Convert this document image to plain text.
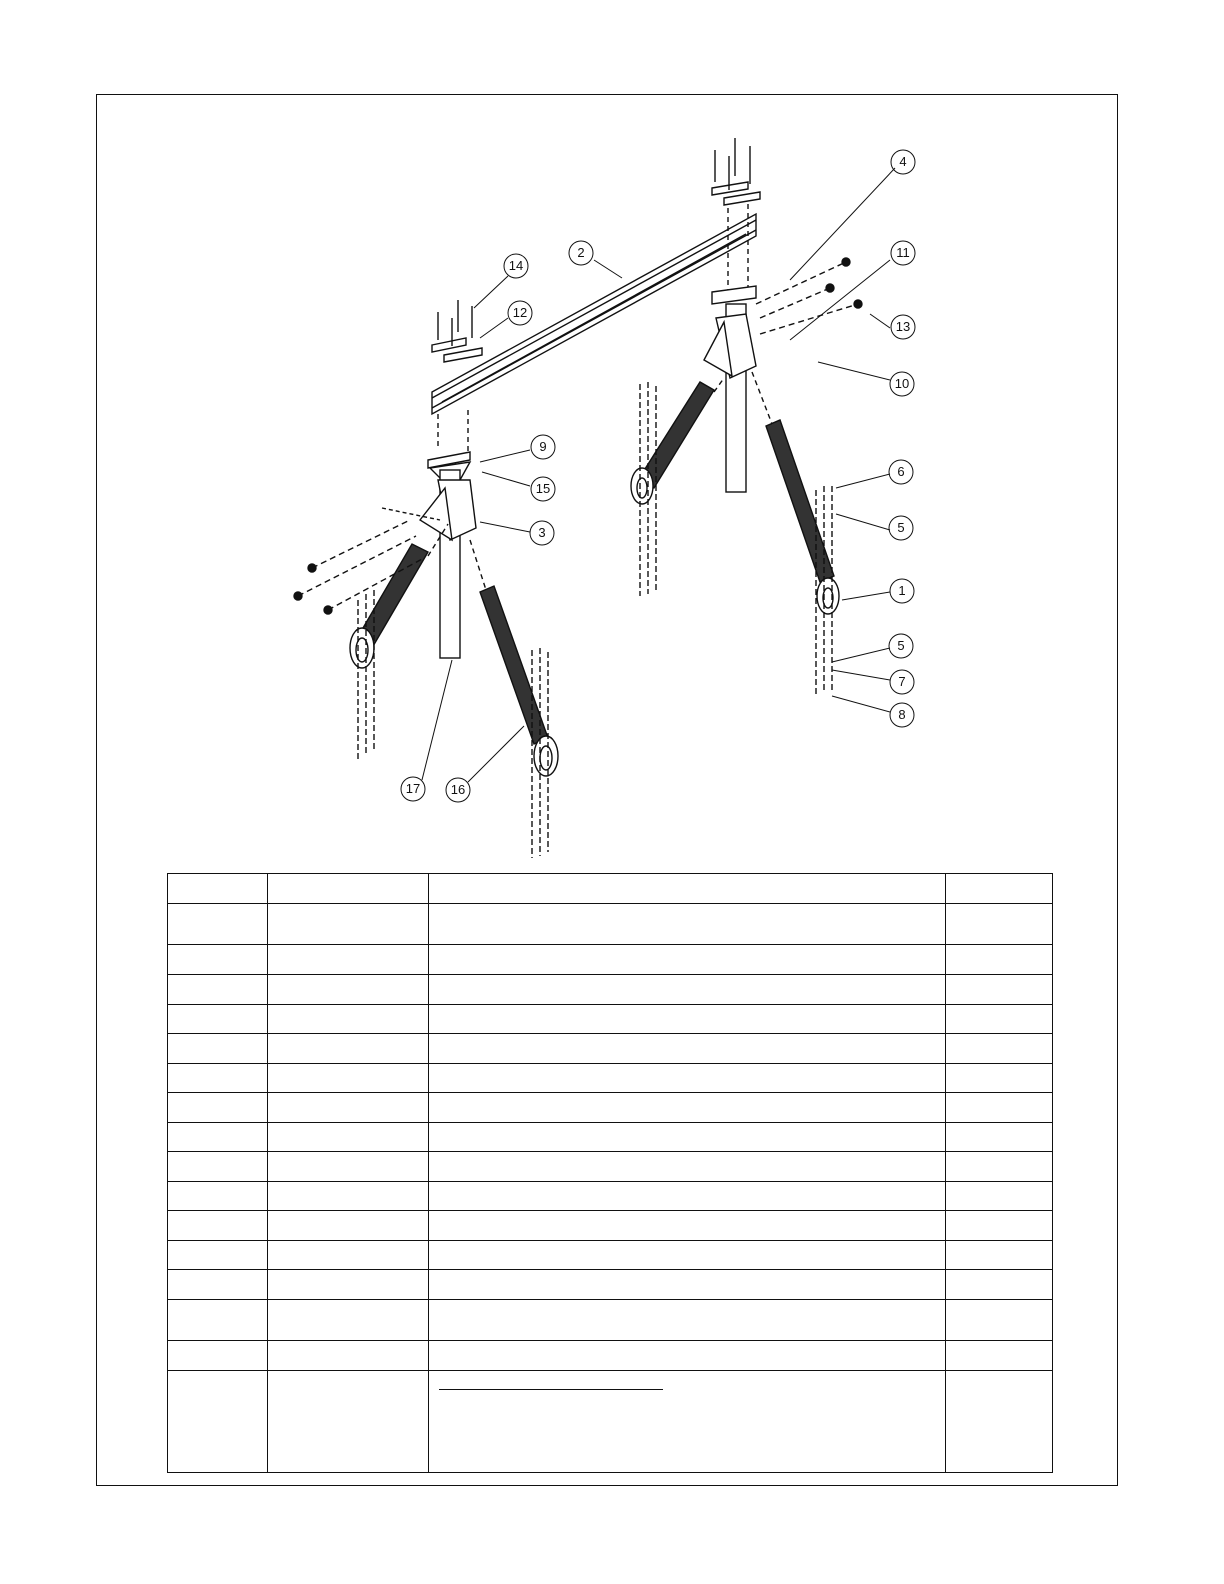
1
2
3
4
5
5
6
7
8
9
10
11
12
13
14
15
16
17
